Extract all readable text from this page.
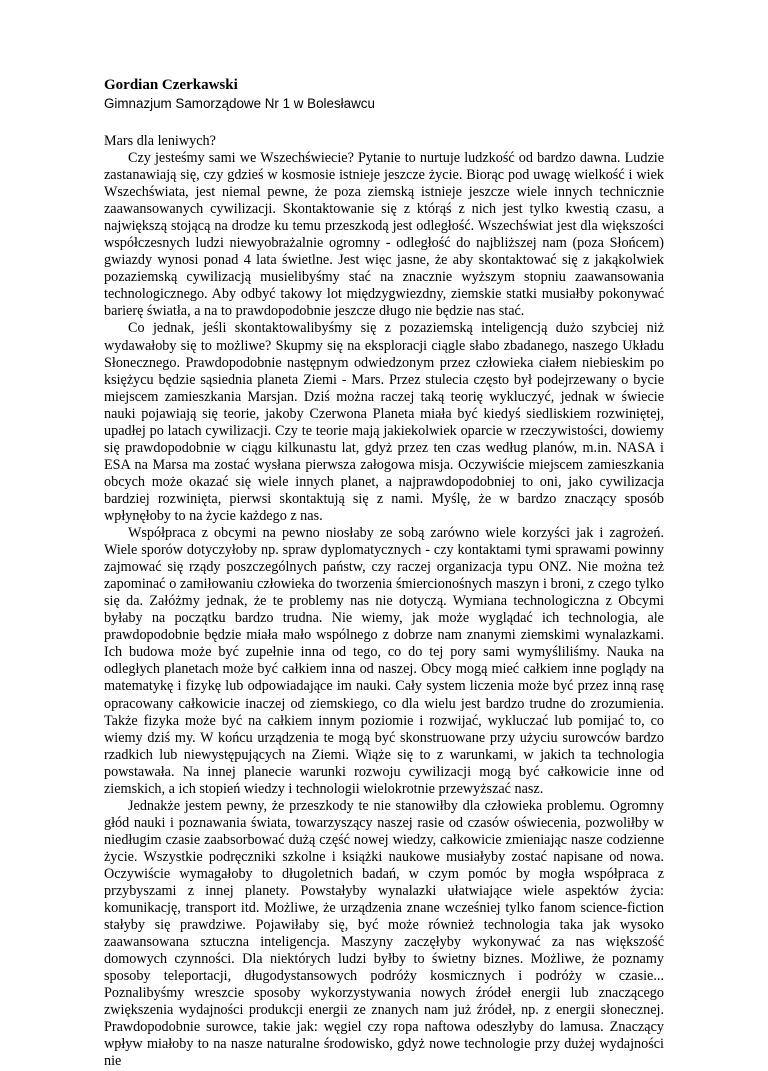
Gordian Czerkawski

Gimnazjum Samorządowe Nr 1 w Bolesławcu

Mars dla leniwych?

Czy jesteśmy sami we Wszechświecie? Pytanie to nurtuje ludzkość od bardzo dawna. Ludzie zastanawiają się, czy gdzieś w kosmosie istnieje jeszcze życie. Biorąc pod uwagę wielkość i wiek Wszechświata, jest niemal pewne, że poza ziemską istnieje jeszcze wiele innych technicznie zaawansowanych cywilizacji. Skontaktowanie się z którąś z nich jest tylko kwestią czasu, a największą stojącą na drodze ku temu przeszkodą jest odległość. Wszechświat jest dla większości współczesnych ludzi niewyobrażalnie ogromny - odległość do najbliższej nam (poza Słońcem) gwiazdy wynosi ponad 4 lata świetlne. Jest więc jasne, że aby skontaktować się z jakąkolwiek pozaziemską cywilizacją musielibyśmy stać na znacznie wyższym stopniu zaawansowania technologicznego. Aby odbyć takowy lot międzygwiezdny, ziemskie statki musiałby pokonywać barierę światła, a na to prawdopodobnie jeszcze długo nie będzie nas stać.

Co jednak, jeśli skontaktowalibyśmy się z pozaziemską inteligencją dużo szybciej niż wydawałoby się to możliwe? Skupmy się na eksploracji ciągle słabo zbadanego, naszego Układu Słonecznego. Prawdopodobnie następnym odwiedzonym przez człowieka ciałem niebieskim po księżycu będzie sąsiednia planeta Ziemi - Mars. Przez stulecia często był podejrzewany o bycie miejscem zamieszkania Marsjan. Dziś można raczej taką teorię wykluczyć, jednak w świecie nauki pojawiają się teorie, jakoby Czerwona Planeta miała być kiedyś siedliskiem rozwiniętej, upadłej po latach cywilizacji. Czy te teorie mają jakiekolwiek oparcie w rzeczywistości, dowiemy się prawdopodobnie w ciągu kilkunastu lat, gdyż przez ten czas według planów, m.in. NASA i ESA na Marsa ma zostać wysłana pierwsza załogowa misja. Oczywiście miejscem zamieszkania obcych może okazać się wiele innych planet, a najprawdopodobniej to oni, jako cywilizacja bardziej rozwinięta, pierwsi skontaktują się z nami. Myślę, że w bardzo znaczący sposób wpłynęłoby to na życie każdego z nas.

Współpraca z obcymi na pewno niosłaby ze sobą zarówno wiele korzyści jak i zagrożeń. Wiele sporów dotyczyłoby np. spraw dyplomatycznych - czy kontaktami tymi sprawami powinny zajmować się rządy poszczególnych państw, czy raczej organizacja typu ONZ. Nie można też zapominać o zamiłowaniu człowieka do tworzenia śmiercionośnych maszyn i broni, z czego tylko się da. Załóżmy jednak, że te problemy nas nie dotyczą. Wymiana technologiczna z Obcymi byłaby na początku bardzo trudna. Nie wiemy, jak może wyglądać ich technologia, ale prawdopodobnie będzie miała mało wspólnego z dobrze nam znanymi ziemskimi wynalazkami. Ich budowa może być zupełnie inna od tego, co do tej pory sami wymyśliliśmy. Nauka na odległych planetach może być całkiem inna od naszej. Obcy mogą mieć całkiem inne poglądy na matematykę i fizykę lub odpowiadające im nauki. Cały system liczenia może być przez inną rasę opracowany całkowicie inaczej od ziemskiego, co dla wielu jest bardzo trudne do zrozumienia. Także fizyka może być na całkiem innym poziomie i rozwijać, wykluczać lub pomijać to, co wiemy dziś my. W końcu urządzenia te mogą być skonstruowane przy użyciu surowców bardzo rzadkich lub niewystępujących na Ziemi. Wiąże się to z warunkami, w jakich ta technologia powstawała. Na innej planecie warunki rozwoju cywilizacji mogą być całkowicie inne od ziemskich, a ich stopień wiedzy i technologii wielokrotnie przewyższać nasz.

Jednakże jestem pewny, że przeszkody te nie stanowiłby dla człowieka problemu. Ogromny głód nauki i poznawania świata, towarzyszący naszej rasie od czasów oświecenia, pozwoliłby w niedługim czasie zaabsorbować dużą część nowej wiedzy, całkowicie zmieniając nasze codzienne życie. Wszystkie podręczniki szkolne i książki naukowe musiałyby zostać napisane od nowa. Oczywiście wymagałoby to długoletnich badań, w czym pomóc by mogła współpraca z przybyszami z innej planety. Powstałyby wynalazki ułatwiające wiele aspektów życia: komunikację, transport itd. Możliwe, że urządzenia znane wcześniej tylko fanom science-fiction stałyby się prawdziwe. Pojawiłaby się, być może również technologia taka jak wysoko zaawansowana sztuczna inteligencja. Maszyny zaczęłyby wykonywać za nas większość domowych czynności. Dla niektórych ludzi byłby to świetny biznes. Możliwe, że poznamy sposoby teleportacji, długodystansowych podróży kosmicznych i podróży w czasie... Poznalibyśmy wreszcie sposoby wykorzystywania nowych źródeł energii lub znaczącego zwiększenia wydajności produkcji energii ze znanych nam już źródeł, np. z energii słonecznej. Prawdopodobnie surowce, takie jak: węgiel czy ropa naftowa odeszłyby do lamusa. Znaczący wpływ miałoby to na nasze naturalne środowisko, gdyż nowe technologie przy dużej wydajności nie
